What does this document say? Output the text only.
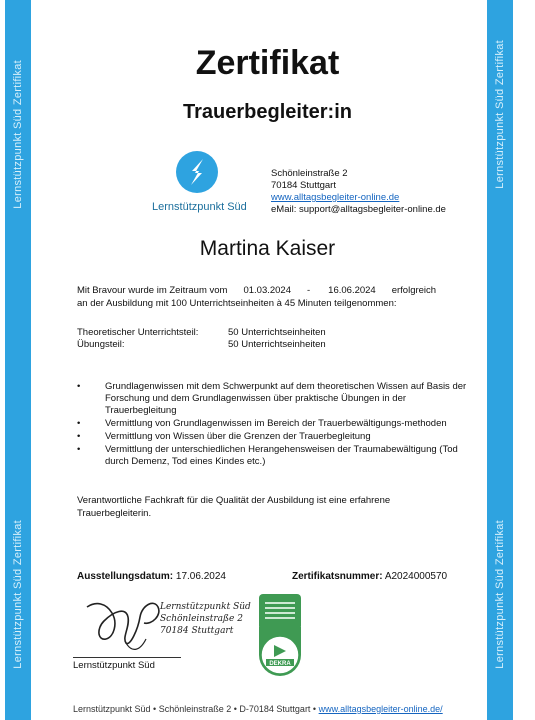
Lernstützpunkt Süd Zertifikat
Lernstützpunkt Süd Zertifikat
Lernstützpunkt Süd Zertifikat
Lernstützpunkt Süd Zertifikat
Zertifikat
Trauerbegleiter:in
Lernstützpunkt Süd
Schönleinstraße 2
70184 Stuttgart
www.alltagsbegleiter-online.de
eMail: support@alltagsbegleiter-online.de
Martina Kaiser
Mit Bravour wurde im Zeitraum vom 01.03.2024 - 16.06.2024 erfolgreich
an der Ausbildung mit 100 Unterrichtseinheiten à 45 Minuten teilgenommen:
Theoretischer Unterrichtsteil:	50 Unterrichtseinheiten
Übungsteil:	50 Unterrichtseinheiten
• Grundlagenwissen mit dem Schwerpunkt auf dem theoretischen Wissen auf Basis der Forschung und dem Grundlagenwissen über praktische Übungen in der Trauerbegleitung
• Vermittlung von Grundlagenwissen im Bereich der Trauerbewältigungs-methoden
• Vermittlung von Wissen über die Grenzen der Trauerbegleitung
• Vermittlung der unterschiedlichen Herangehensweisen der Traumabewältigung (Tod durch Demenz, Tod eines Kindes etc.)
Verantwortliche Fachkraft für die Qualität der Ausbildung ist eine erfahrene Trauerbegleiterin.
Ausstellungsdatum: 17.06.2024	Zertifikatsnummer: A2024000570
Lernstützpunkt Süd
Schönleinstraße 2
70184 Stuttgart
Lernstützpunkt Süd	DEKRA
Lernstützpunkt Süd • Schönleinstraße 2 • D-70184 Stuttgart • www.alltagsbegleiter-online.de/
